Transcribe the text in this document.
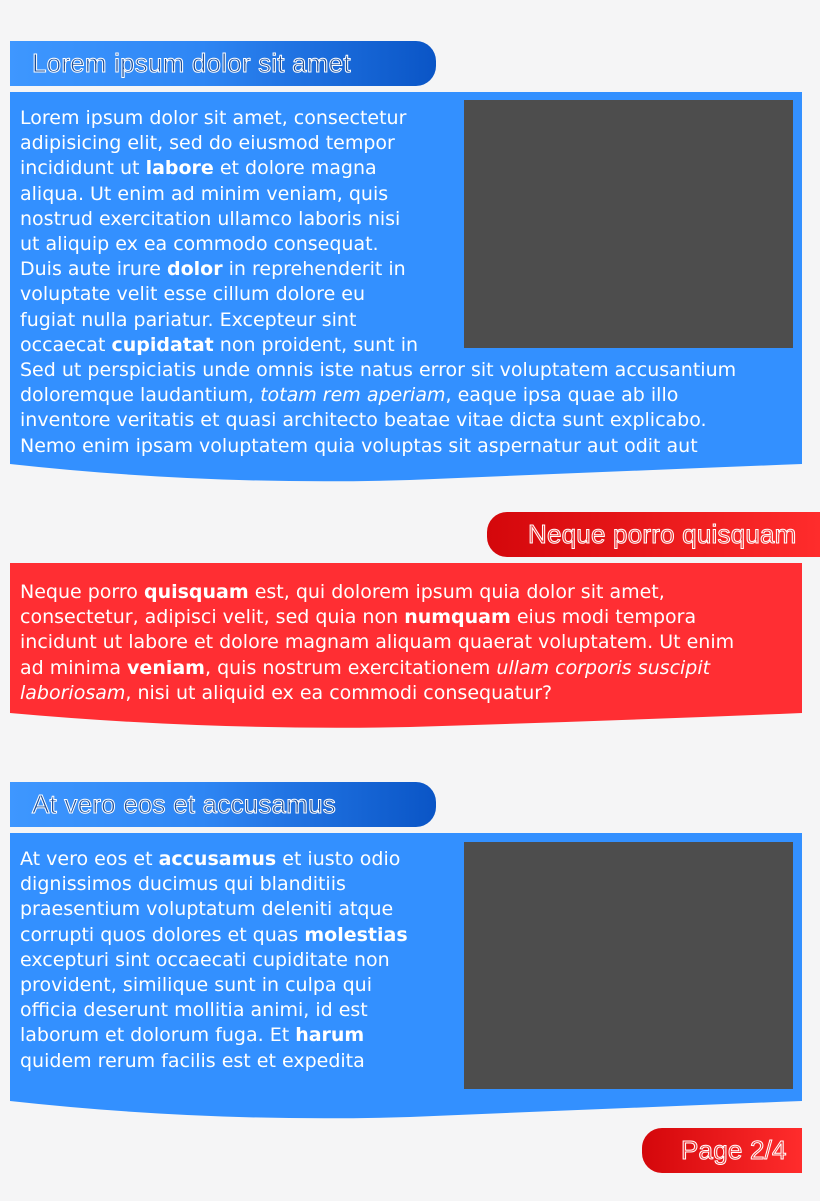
Lorem ipsum dolor sit amet

Lorem ipsum dolor sit amet, consectetur

adipisicing elit, sed do eiusmod tempor

incididunt ut labore et dolore magna

aliqua. Ut enim ad minim veniam, quis

nostrud exercitation ullamco laboris nisi

ut aliquip ex ea commodo consequat.

Duis aute irure dolor in reprehenderit in

voluptate velit esse cillum dolore eu

fugiat nulla pariatur. Excepteur sint

occaecat cupidatat non proident, sunt in

Sed ut perspiciatis unde omnis iste natus error sit voluptatem accusantium

doloremque laudantium, totam rem aperiam, eaque ipsa quae ab illo

inventore veritatis et quasi architecto beatae vitae dicta sunt explicabo.

Nemo enim ipsam voluptatem quia voluptas sit aspernatur aut odit aut

Neque porro quisquam

Neque porro quisquam est, qui dolorem ipsum quia dolor sit amet,

consectetur, adipisci velit, sed quia non numquam eius modi tempora

incidunt ut labore et dolore magnam aliquam quaerat voluptatem. Ut enim

ad minima veniam, quis nostrum exercitationem ullam corporis suscipit

laboriosam, nisi ut aliquid ex ea commodi consequatur?

At vero eos et accusamus

At vero eos et accusamus et iusto odio

dignissimos ducimus qui blanditiis

praesentium voluptatum deleniti atque

corrupti quos dolores et quas molestias

excepturi sint occaecati cupiditate non

provident, similique sunt in culpa qui

officia deserunt mollitia animi, id est

laborum et dolorum fuga. Et harum

quidem rerum facilis est et expedita

Page 2/4
